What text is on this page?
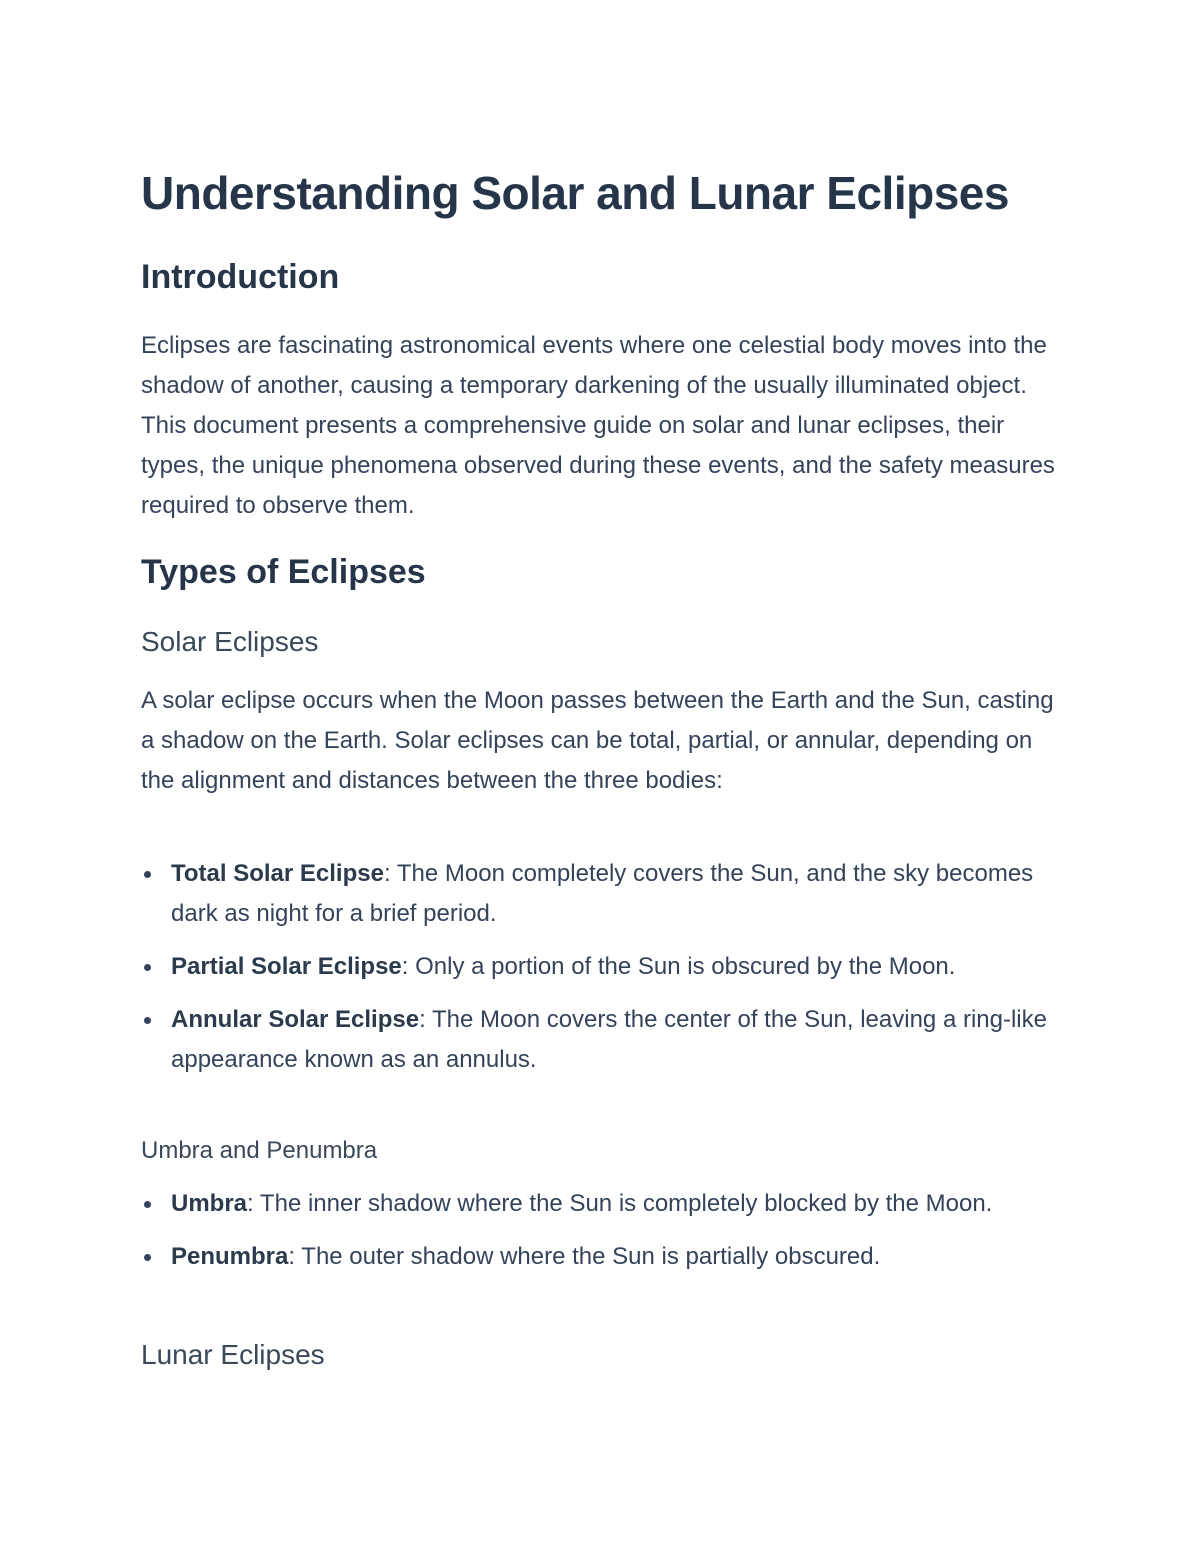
Understanding Solar and Lunar Eclipses
Introduction

Eclipses are fascinating astronomical events where one celestial body moves into the shadow of another, causing a temporary darkening of the usually illuminated object. This document presents a comprehensive guide on solar and lunar eclipses, their types, the unique phenomena observed during these events, and the safety measures required to observe them.

Types of Eclipses
Solar Eclipses

A solar eclipse occurs when the Moon passes between the Earth and the Sun, casting a shadow on the Earth. Solar eclipses can be total, partial, or annular, depending on the alignment and distances between the three bodies:

Total Solar Eclipse: The Moon completely covers the Sun, and the sky becomes dark as night for a brief period.
Partial Solar Eclipse: Only a portion of the Sun is obscured by the Moon.
Annular Solar Eclipse: The Moon covers the center of the Sun, leaving a ring-like appearance known as an annulus.
Umbra and Penumbra
Umbra: The inner shadow where the Sun is completely blocked by the Moon.
Penumbra: The outer shadow where the Sun is partially obscured.
Lunar Eclipses
